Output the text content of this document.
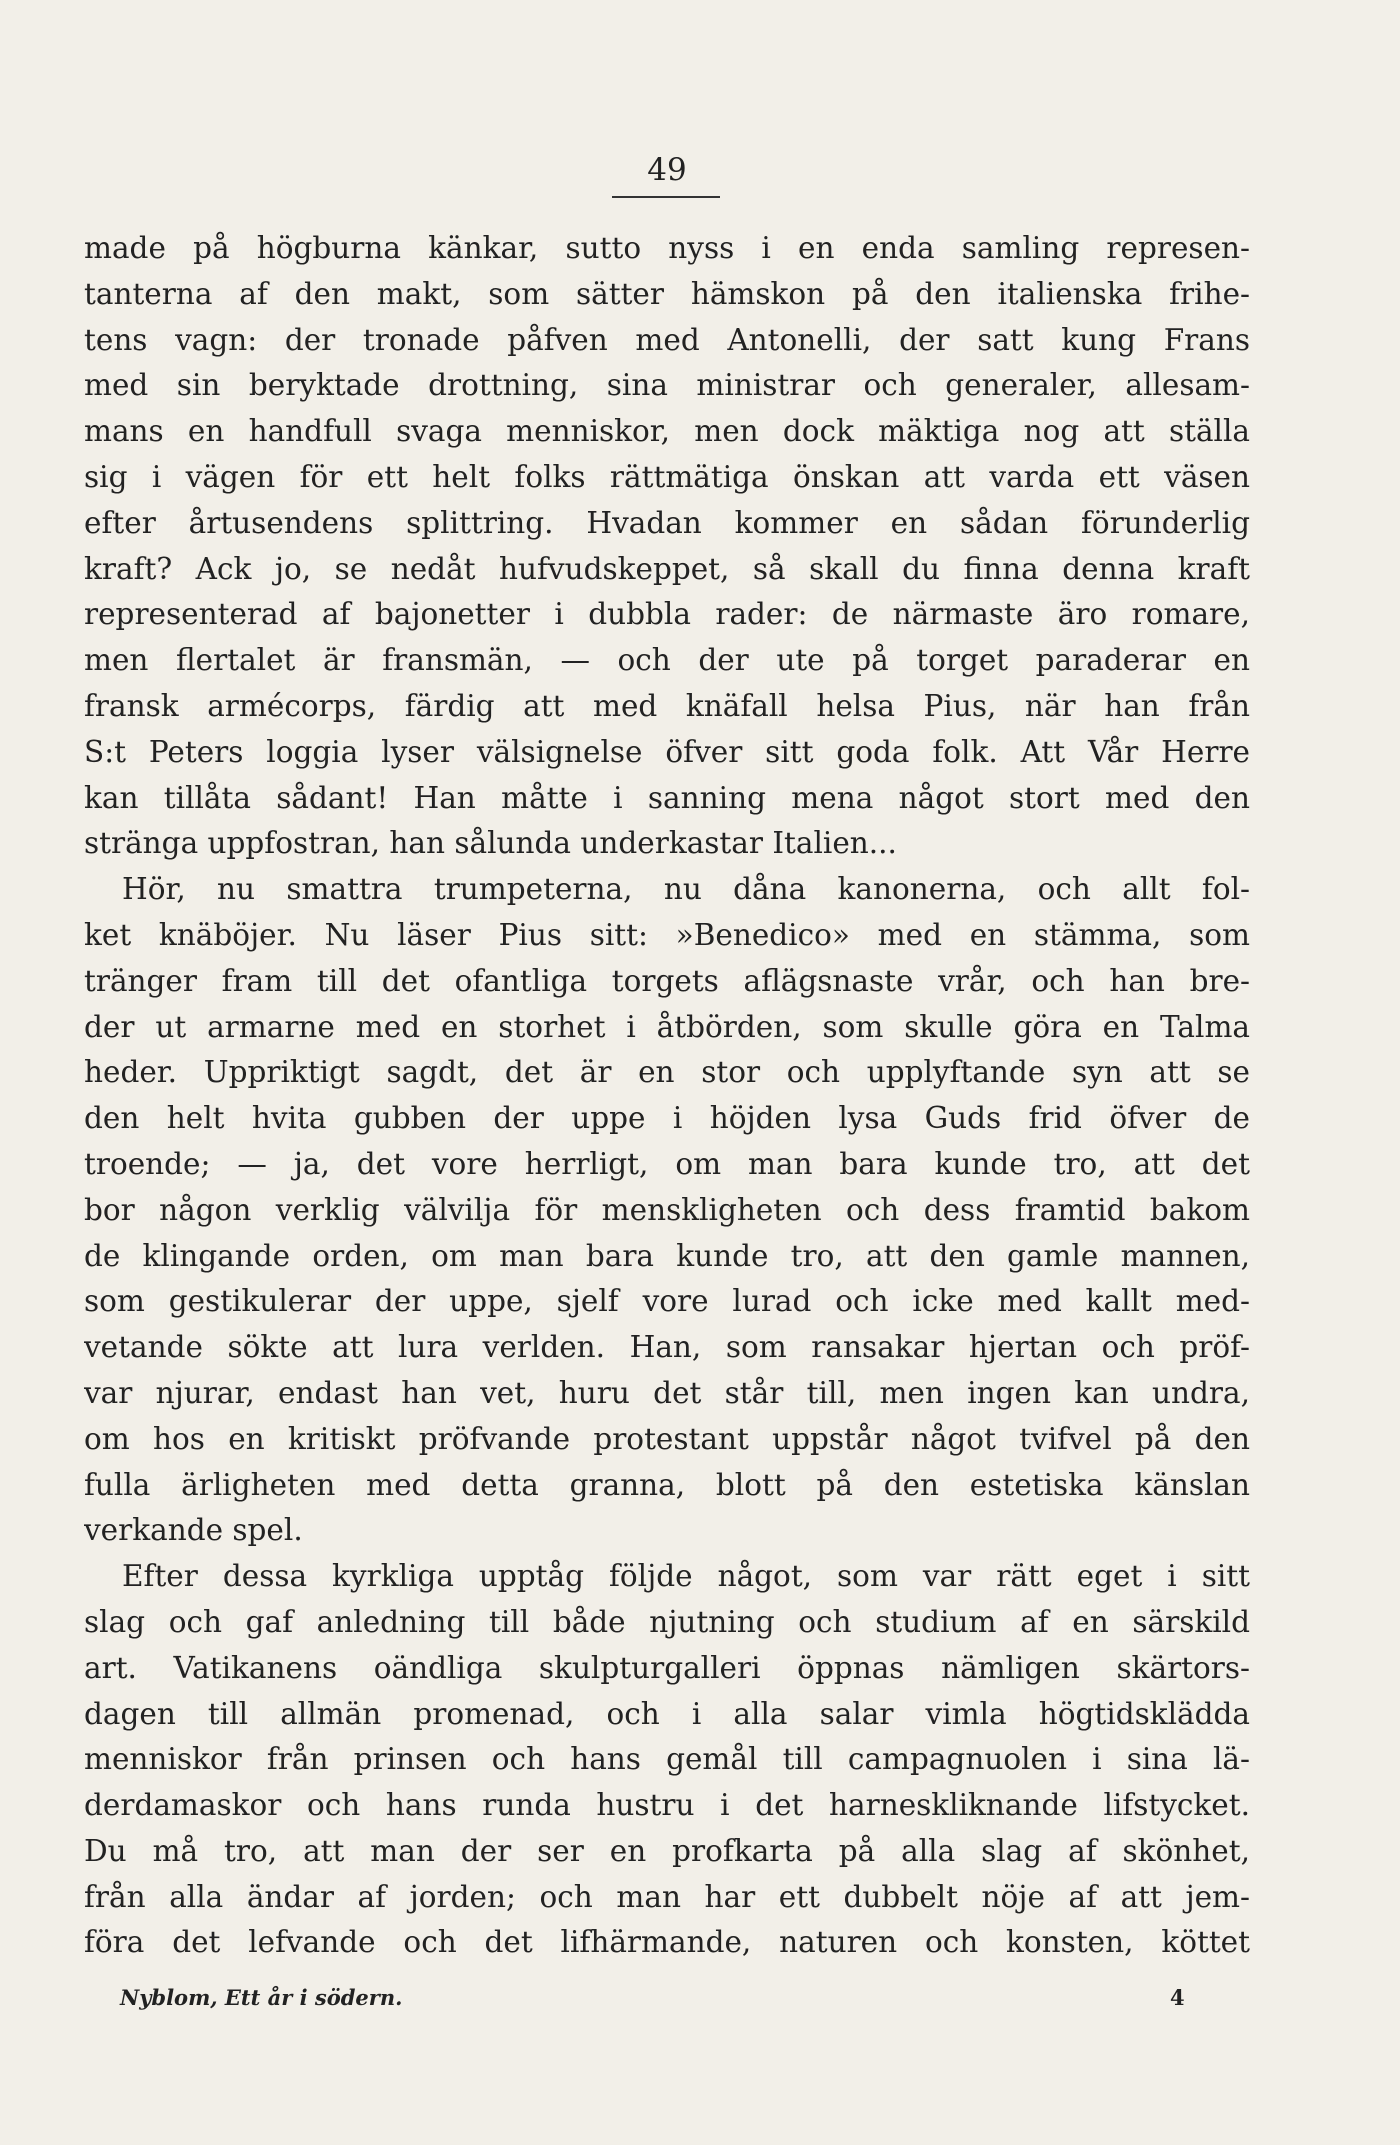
49
made på högburna känkar, sutto nyss i en enda samling represen-
tanterna af den makt, som sätter hämskon på den italienska frihe-
tens vagn: der tronade påfven med Antonelli, der satt kung Frans
med sin beryktade drottning, sina ministrar och generaler, allesam-
mans en handfull svaga menniskor, men dock mäktiga nog att ställa
sig i vägen för ett helt folks rättmätiga önskan att varda ett väsen
efter årtusendens splittring. Hvadan kommer en sådan förunderlig
kraft? Ack jo, se nedåt hufvudskeppet, så skall du finna denna kraft
representerad af bajonetter i dubbla rader: de närmaste äro romare,
men flertalet är fransmän, — och der ute på torget paraderar en
fransk armécorps, färdig att med knäfall helsa Pius, när han från
S:t Peters loggia lyser välsignelse öfver sitt goda folk. Att Vår Herre
kan tillåta sådant! Han måtte i sanning mena något stort med den
stränga uppfostran, han sålunda underkastar Italien...
Hör, nu smattra trumpeterna, nu dåna kanonerna, och allt fol-
ket knäböjer. Nu läser Pius sitt: »Benedico» med en stämma, som
tränger fram till det ofantliga torgets aflägsnaste vrår, och han bre-
der ut armarne med en storhet i åtbörden, som skulle göra en Talma
heder. Uppriktigt sagdt, det är en stor och upplyftande syn att se
den helt hvita gubben der uppe i höjden lysa Guds frid öfver de
troende; — ja, det vore herrligt, om man bara kunde tro, att det
bor någon verklig välvilja för menskligheten och dess framtid bakom
de klingande orden, om man bara kunde tro, att den gamle mannen,
som gestikulerar der uppe, sjelf vore lurad och icke med kallt med-
vetande sökte att lura verlden. Han, som ransakar hjertan och pröf-
var njurar, endast han vet, huru det står till, men ingen kan undra,
om hos en kritiskt pröfvande protestant uppstår något tvifvel på den
fulla ärligheten med detta granna, blott på den estetiska känslan
verkande spel.
Efter dessa kyrkliga upptåg följde något, som var rätt eget i sitt
slag och gaf anledning till både njutning och studium af en särskild
art. Vatikanens oändliga skulpturgalleri öppnas nämligen skärtors-
dagen till allmän promenad, och i alla salar vimla högtidsklädda
menniskor från prinsen och hans gemål till campagnuolen i sina lä-
derdamaskor och hans runda hustru i det harneskliknande lifstycket.
Du må tro, att man der ser en profkarta på alla slag af skönhet,
från alla ändar af jorden; och man har ett dubbelt nöje af att jem-
föra det lefvande och det lifhärmande, naturen och konsten, köttet
Nyblom, Ett år i södern.	4
